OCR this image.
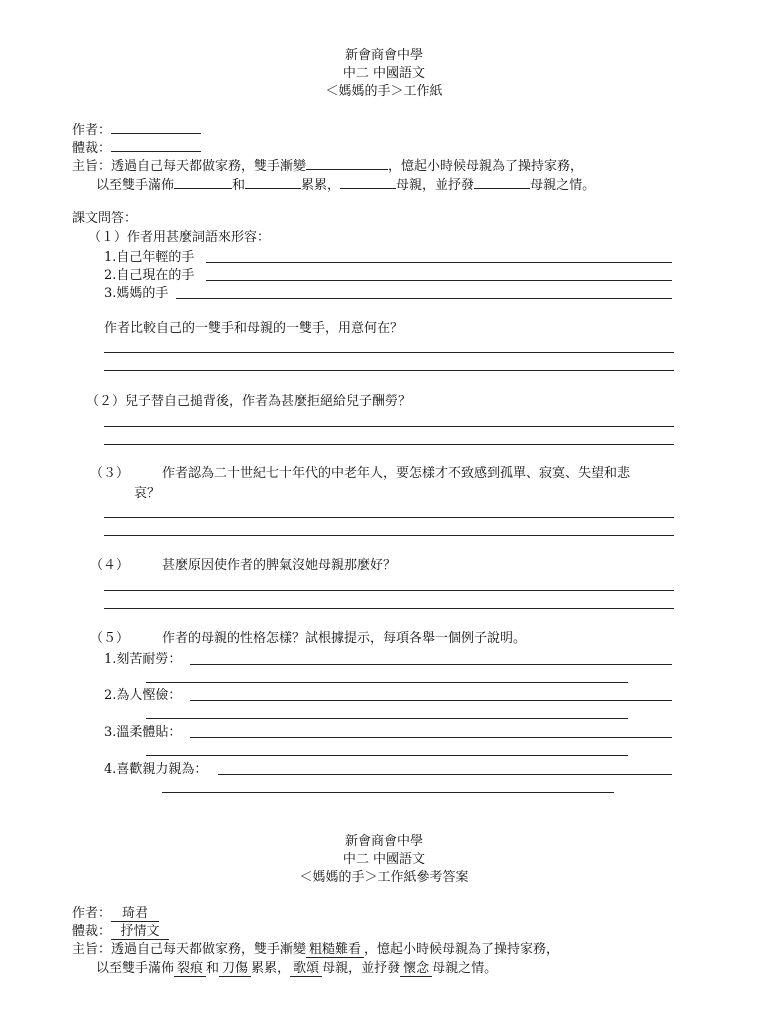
新會商會中學
中二 中國語文
＜媽媽的手＞工作紙
作者：
體裁：
主旨：透過自己每天都做家務，雙手漸變	，憶起小時候母親為了操持家務，
以至雙手滿佈	和	累累，	母親，並抒發	母親之情。
課文問答：
（１）作者用甚麼詞語來形容：
1.自己年輕的手
2.自己現在的手
3.媽媽的手
作者比較自己的一雙手和母親的一雙手，用意何在？
（２）兒子替自己搥背後，作者為甚麼拒絕給兒子酬勞？
（３）	作者認為二十世紀七十年代的中老年人，要怎樣才不致感到孤單、寂寞、失望和悲
哀？
（４）	甚麼原因使作者的脾氣沒她母親那麼好？
（５）	作者的母親的性格怎樣？試根據提示，每項各舉一個例子說明。
1.刻苦耐勞：
2.為人慳儉：
3.溫柔體貼：
4.喜歡親力親為：
新會商會中學
中二 中國語文
＜媽媽的手＞工作紙參考答案
作者： 琦君
體裁： 抒情文
主旨：透過自己每天都做家務，雙手漸變 粗糙難看 ，憶起小時候母親為了操持家務，
以至雙手滿佈 裂痕 和 刀傷 累累， 歌頌 母親，並抒發 懷念 母親之情。
